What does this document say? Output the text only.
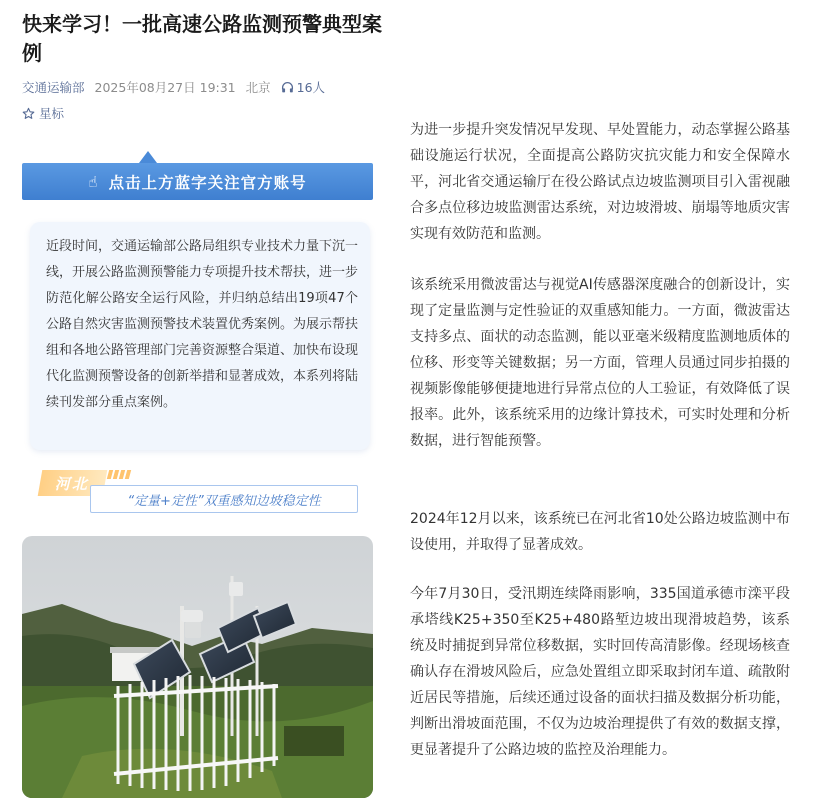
快来学习！一批高速公路监测预警典型案例
交通运输部 2025年08月27日 19:31 北京 16人
星标
☝ 点击上方蓝字关注官方账号

近段时间，交通运输部公路局组织专业技术力量下沉一线，开展公路监测预警能力专项提升技术帮扶，进一步防范化解公路安全运行风险，并归纳总结出19项47个公路自然灾害监测预警技术装置优秀案例。为展示帮扶组和各地公路管理部门完善资源整合渠道、加快布设现代化监测预警设备的创新举措和显著成效，本系列将陆续刊发部分重点案例。

河北
“定量+定性”双重感知边坡稳定性

为进一步提升突发情况早发现、早处置能力，动态掌握公路基础设施运行状况，全面提高公路防灾抗灾能力和安全保障水平，河北省交通运输厅在役公路试点边坡监测项目引入雷视融合多点位移边坡监测雷达系统，对边坡滑坡、崩塌等地质灾害实现有效防范和监测。

该系统采用微波雷达与视觉AI传感器深度融合的创新设计，实现了定量监测与定性验证的双重感知能力。一方面，微波雷达支持多点、面状的动态监测，能以亚毫米级精度监测地质体的位移、形变等关键数据；另一方面，管理人员通过同步拍摄的视频影像能够便捷地进行异常点位的人工验证，有效降低了误报率。此外，该系统采用的边缘计算技术，可实时处理和分析数据，进行智能预警。

2024年12月以来，该系统已在河北省10处公路边坡监测中布设使用，并取得了显著成效。

今年7月30日，受汛期连续降雨影响，335国道承德市滦平段承塔线K25+350至K25+480路堑边坡出现滑坡趋势，该系统及时捕捉到异常位移数据，实时回传高清影像。经现场核查确认存在滑坡风险后，应急处置组立即采取封闭车道、疏散附近居民等措施，后续还通过设备的面状扫描及数据分析功能，判断出滑坡面范围，不仅为边坡治理提供了有效的数据支撑，更显著提升了公路边坡的监控及治理能力。
